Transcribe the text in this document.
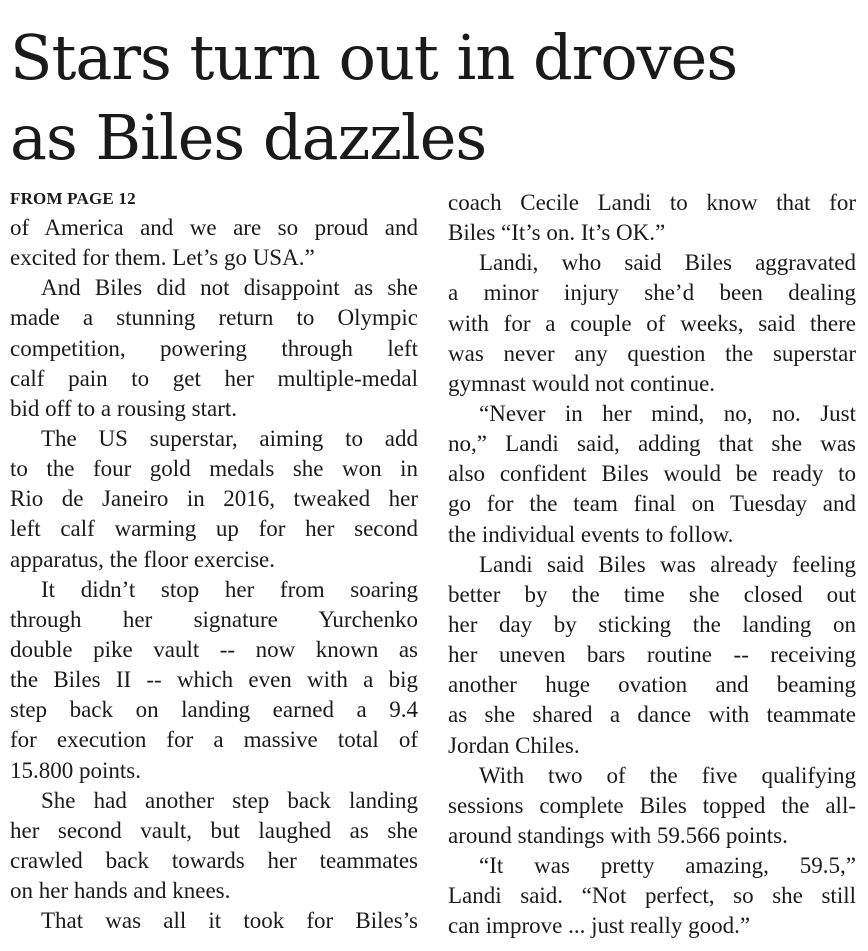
Stars turn out in droves
as Biles dazzles
FROM PAGE 12
of America and we are so proud and
excited for them. Let’s go USA.”
And Biles did not disappoint as she
made a stunning return to Olympic
competition, powering through left
calf pain to get her multiple-medal
bid off to a rousing start.
The US superstar, aiming to add
to the four gold medals she won in
Rio de Janeiro in 2016, tweaked her
left calf warming up for her second
apparatus, the floor exercise.
It didn’t stop her from soaring
through her signature Yurchenko
double pike vault -- now known as
the Biles II -- which even with a big
step back on landing earned a 9.4
for execution for a massive total of
15.800 points.
She had another step back landing
her second vault, but laughed as she
crawled back towards her teammates
on her hands and knees.
That was all it took for Biles’s
coach Cecile Landi to know that for
Biles “It’s on. It’s OK.”
Landi, who said Biles aggravated
a minor injury she’d been dealing
with for a couple of weeks, said there
was never any question the superstar
gymnast would not continue.
“Never in her mind, no, no. Just
no,” Landi said, adding that she was
also confident Biles would be ready to
go for the team final on Tuesday and
the individual events to follow.
Landi said Biles was already feeling
better by the time she closed out
her day by sticking the landing on
her uneven bars routine -- receiving
another huge ovation and beaming
as she shared a dance with teammate
Jordan Chiles.
With two of the five qualifying
sessions complete Biles topped the all-
around standings with 59.566 points.
“It was pretty amazing, 59.5,”
Landi said. “Not perfect, so she still
can improve ... just really good.”
